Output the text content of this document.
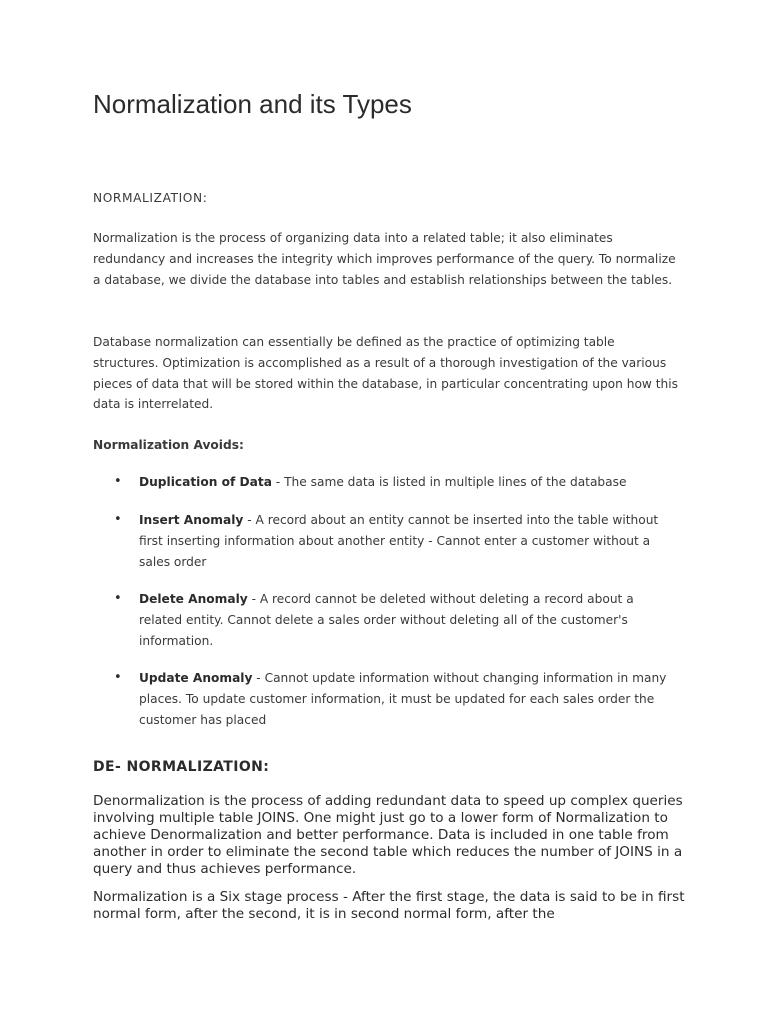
Normalization and its Types

NORMALIZATION:

Normalization is the process of organizing data into a related table; it also eliminates redundancy and increases the integrity which improves performance of the query. To normalize a database, we divide the database into tables and establish relationships between the tables.

Database normalization can essentially be defined as the practice of optimizing table structures. Optimization is accomplished as a result of a thorough investigation of the various pieces of data that will be stored within the database, in particular concentrating upon how this data is interrelated.

Normalization Avoids:

• Duplication of Data - The same data is listed in multiple lines of the database
• Insert Anomaly - A record about an entity cannot be inserted into the table without first inserting information about another entity - Cannot enter a customer without a sales order
• Delete Anomaly - A record cannot be deleted without deleting a record about a related entity. Cannot delete a sales order without deleting all of the customer's information.
• Update Anomaly - Cannot update information without changing information in many places. To update customer information, it must be updated for each sales order the customer has placed
DE- NORMALIZATION:

Denormalization is the process of adding redundant data to speed up complex queries involving multiple table JOINS. One might just go to a lower form of Normalization to achieve Denormalization and better performance. Data is included in one table from another in order to eliminate the second table which reduces the number of JOINS in a query and thus achieves performance.

Normalization is a Six stage process - After the first stage, the data is said to be in first normal form, after the second, it is in second normal form, after the
